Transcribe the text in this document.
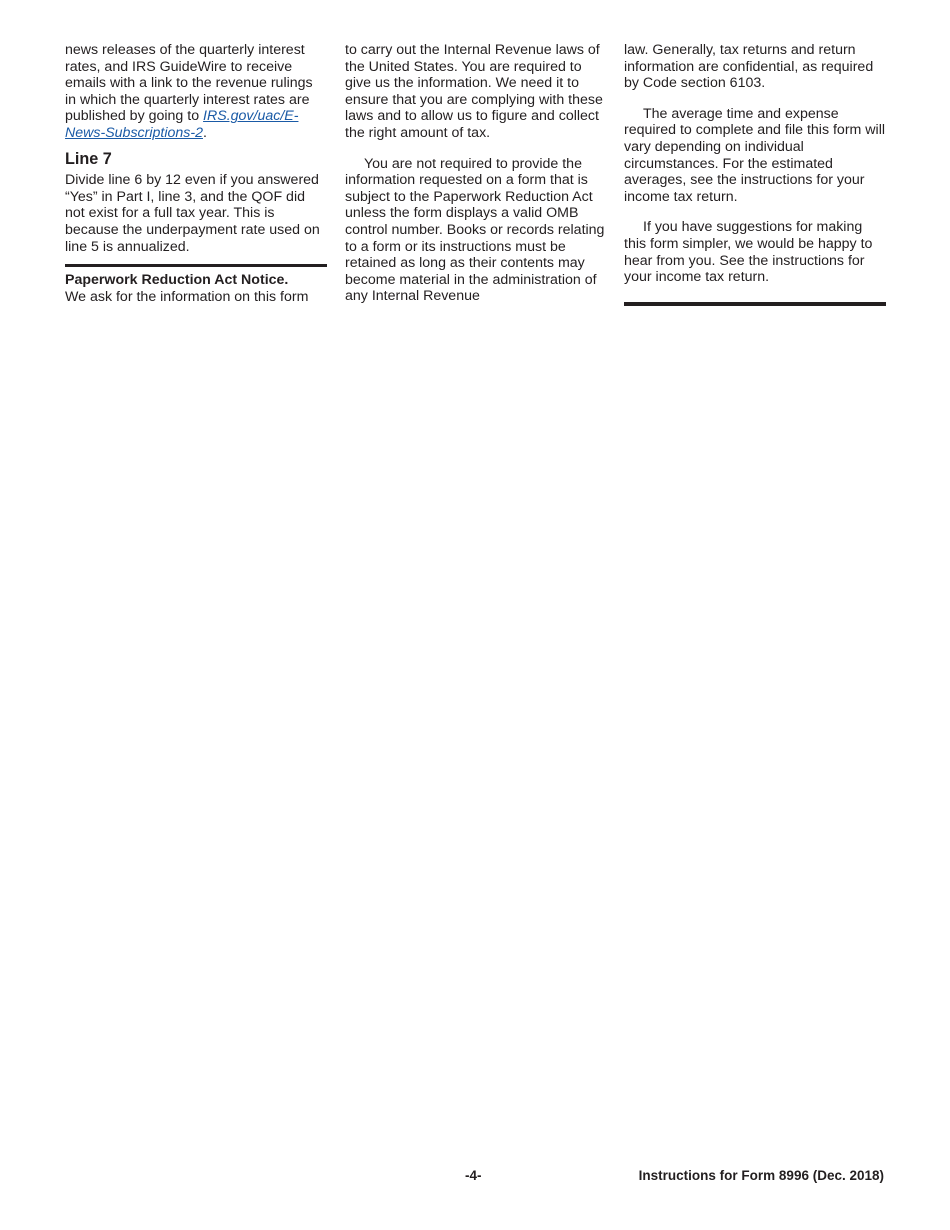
news releases of the quarterly interest rates, and IRS GuideWire to receive emails with a link to the revenue rulings in which the quarterly interest rates are published by going to IRS.gov/uac/E-News-Subscriptions-2.

Line 7

Divide line 6 by 12 even if you answered “Yes” in Part I, line 3, and the QOF did not exist for a full tax year. This is because the underpayment rate used on line 5 is annualized.

Paperwork Reduction Act Notice.
We ask for the information on this form

to carry out the Internal Revenue laws of the United States. You are required to give us the information. We need it to ensure that you are complying with these laws and to allow us to figure and collect the right amount of tax.

You are not required to provide the information requested on a form that is subject to the Paperwork Reduction Act unless the form displays a valid OMB control number. Books or records relating to a form or its instructions must be retained as long as their contents may become material in the administration of any Internal Revenue

law. Generally, tax returns and return information are confidential, as required by Code section 6103.

The average time and expense required to complete and file this form will vary depending on individual circumstances. For the estimated averages, see the instructions for your income tax return.

If you have suggestions for making this form simpler, we would be happy to hear from you. See the instructions for your income tax return.

-4-	Instructions for Form 8996 (Dec. 2018)
